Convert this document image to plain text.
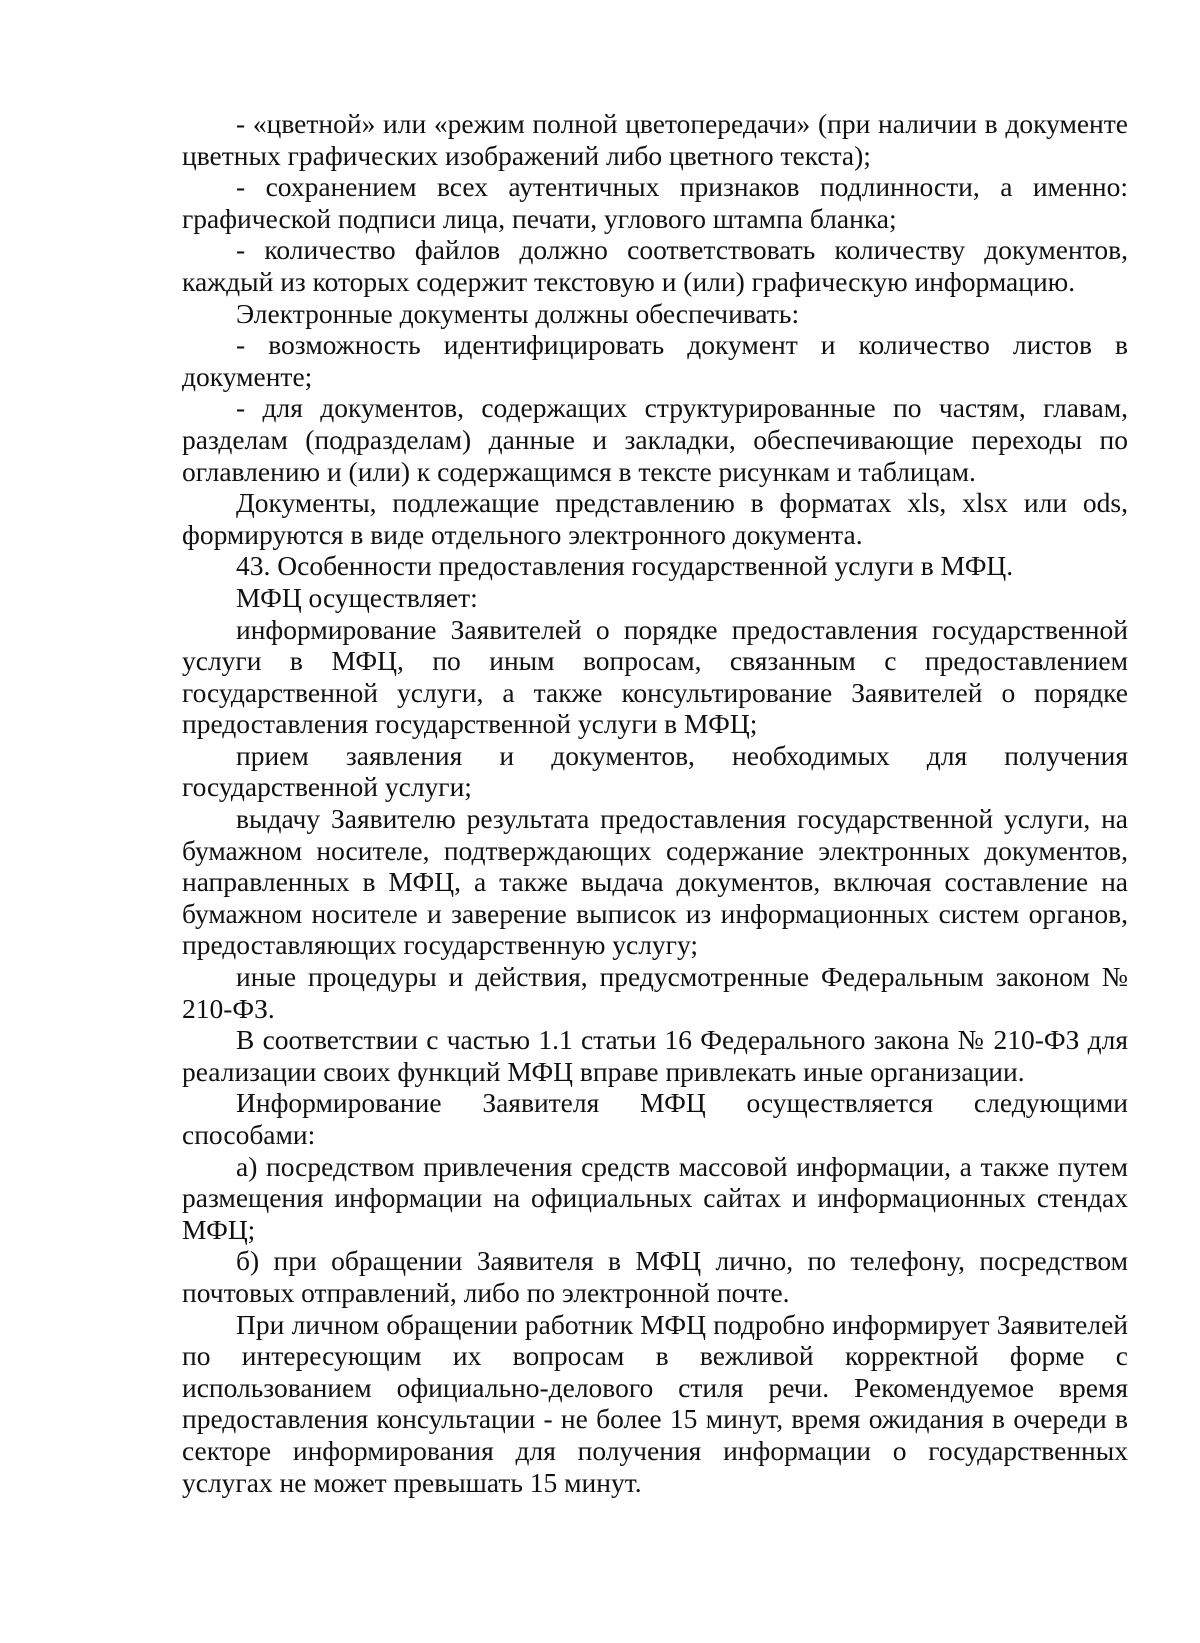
- «цветной» или «режим полной цветопередачи» (при наличии в документе цветных графических изображений либо цветного текста);

- сохранением всех аутентичных признаков подлинности, а именно: графической подписи лица, печати, углового штампа бланка;

- количество файлов должно соответствовать количеству документов, каждый из которых содержит текстовую и (или) графическую информацию.

Электронные документы должны обеспечивать:

- возможность идентифицировать документ и количество листов в документе;

- для документов, содержащих структурированные по частям, главам, разделам (подразделам) данные и закладки, обеспечивающие переходы по оглавлению и (или) к содержащимся в тексте рисункам и таблицам.

Документы, подлежащие представлению в форматах xls, xlsx или ods, формируются в виде отдельного электронного документа.

43. Особенности предоставления государственной услуги в МФЦ.

МФЦ осуществляет:

информирование Заявителей о порядке предоставления государственной услуги в МФЦ, по иным вопросам, связанным с предоставлением государственной услуги, а также консультирование Заявителей о порядке предоставления государственной услуги в МФЦ;

прием заявления и документов, необходимых для получения государственной услуги;

выдачу Заявителю результата предоставления государственной услуги, на бумажном носителе, подтверждающих содержание электронных документов, направленных в МФЦ, а также выдача документов, включая составление на бумажном носителе и заверение выписок из информационных систем органов, предоставляющих государственную услугу;

иные процедуры и действия, предусмотренные Федеральным законом № 210-ФЗ.

В соответствии с частью 1.1 статьи 16 Федерального закона № 210-ФЗ для реализации своих функций МФЦ вправе привлекать иные организации.

Информирование Заявителя МФЦ осуществляется следующими способами:

а) посредством привлечения средств массовой информации, а также путем размещения информации на официальных сайтах и информационных стендах МФЦ;

б) при обращении Заявителя в МФЦ лично, по телефону, посредством почтовых отправлений, либо по электронной почте.

При личном обращении работник МФЦ подробно информирует Заявителей по интересующим их вопросам в вежливой корректной форме с использованием официально-делового стиля речи. Рекомендуемое время предоставления консультации - не более 15 минут, время ожидания в очереди в секторе информирования для получения информации о государственных услугах не может превышать 15 минут.
